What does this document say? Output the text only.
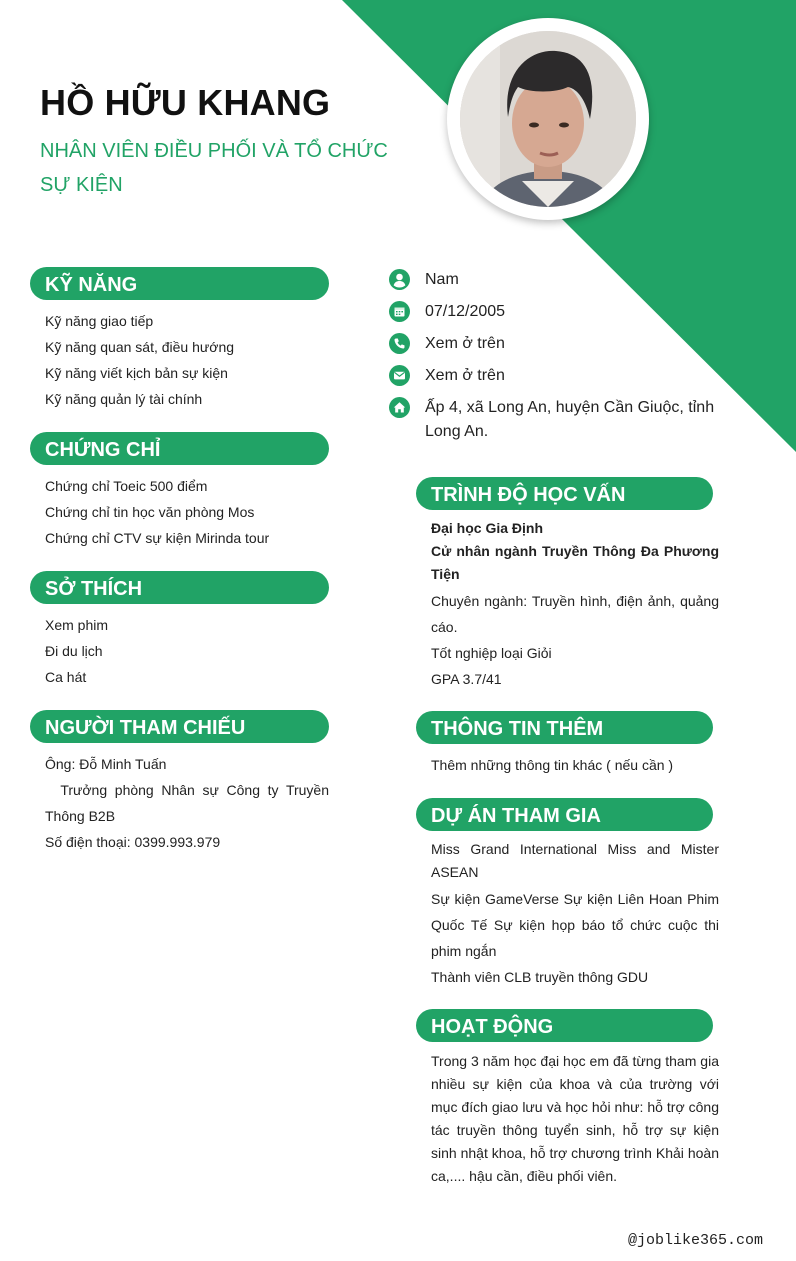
HỒ HỮU KHANG

NHÂN VIÊN ĐIỀU PHỐI VÀ TỔ CHỨC SỰ KIỆN

Nam
07/12/2005
Xem ở trên
Xem ở trên
Ấp 4, xã Long An, huyện Cần Giuộc, tỉnh Long An.
KỸ NĂNG
Kỹ năng giao tiếp
Kỹ năng quan sát, điều hướng
Kỹ năng viết kịch bản sự kiện
Kỹ năng quản lý tài chính
CHỨNG CHỈ
Chứng chỉ Toeic 500 điểm
Chứng chỉ tin học văn phòng Mos
Chứng chỉ CTV sự kiện Mirinda tour
SỞ THÍCH
Xem phim
Đi du lịch
Ca hát
NGƯỜI THAM CHIẾU
Ông: Đỗ Minh Tuấn
Trưởng phòng Nhân sự Công ty Truyền Thông B2B
Số điện thoại: 0399.993.979
TRÌNH ĐỘ HỌC VẤN
Đại học Gia Định
Cử nhân ngành Truyền Thông Đa Phương Tiện
Chuyên ngành: Truyền hình, điện ảnh, quảng cáo.
Tốt nghiệp loại Giỏi
GPA 3.7/41
THÔNG TIN THÊM
Thêm những thông tin khác ( nếu cần )
DỰ ÁN THAM GIA
Miss Grand International Miss and Mister ASEAN
Sự kiện GameVerse Sự kiện Liên Hoan Phim Quốc Tế Sự kiện họp báo tổ chức cuộc thi phim ngắn
Thành viên CLB truyền thông GDU
HOẠT ĐỘNG

Trong 3 năm học đại học em đã từng tham gia nhiều sự kiện của khoa và của trường với mục đích giao lưu và học hỏi như: hỗ trợ công tác truyền thông tuyển sinh, hỗ trợ sự kiện sinh nhật khoa, hỗ trợ chương trình Khải hoàn ca,.... hậu cần, điều phối viên.

@joblike365.com
